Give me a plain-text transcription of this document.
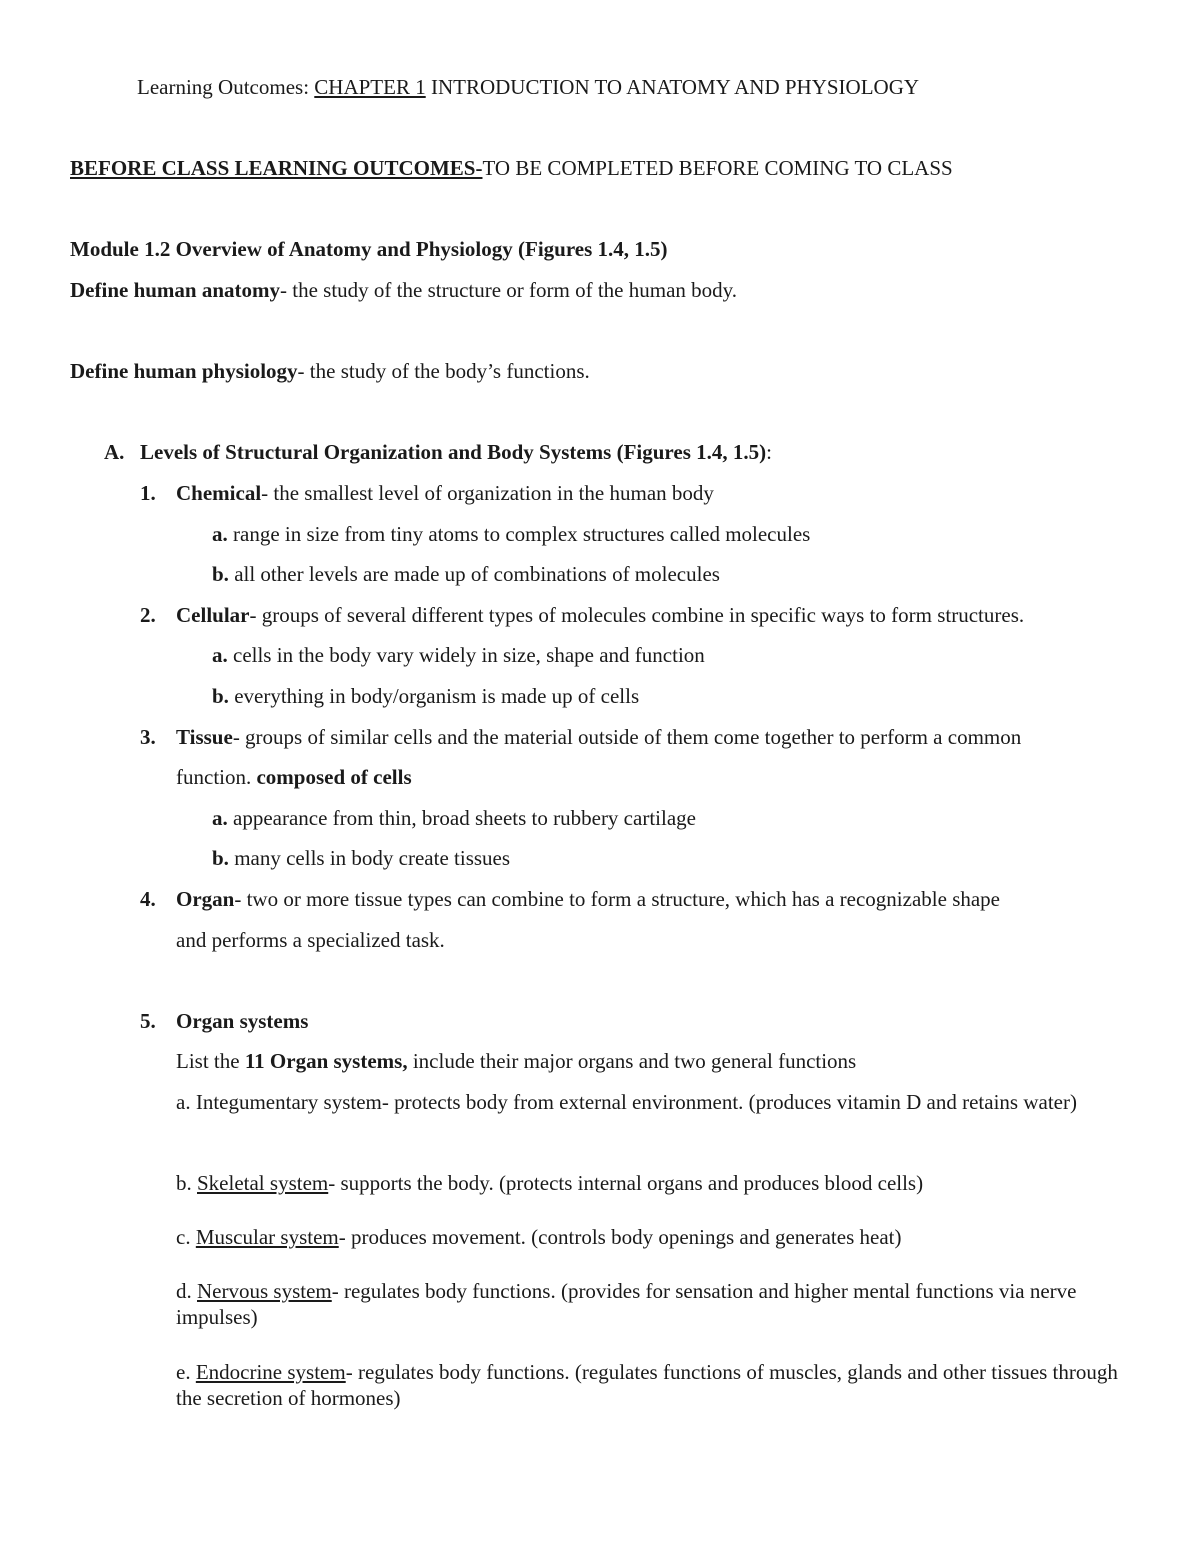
Learning Outcomes: CHAPTER 1 INTRODUCTION TO ANATOMY AND PHYSIOLOGY
BEFORE CLASS LEARNING OUTCOMES-TO BE COMPLETED BEFORE COMING TO CLASS
Module 1.2 Overview of Anatomy and Physiology (Figures 1.4, 1.5)
Define human anatomy- the study of the structure or form of the human body.
Define human physiology- the study of the body’s functions.
A. Levels of Structural Organization and Body Systems (Figures 1.4, 1.5):
1. Chemical- the smallest level of organization in the human body
a. range in size from tiny atoms to complex structures called molecules
b. all other levels are made up of combinations of molecules
2. Cellular- groups of several different types of molecules combine in specific ways to form structures.
a. cells in the body vary widely in size, shape and function
b. everything in body/organism is made up of cells
3. Tissue- groups of similar cells and the material outside of them come together to perform a common
function. composed of cells
a. appearance from thin, broad sheets to rubbery cartilage
b. many cells in body create tissues
4. Organ- two or more tissue types can combine to form a structure, which has a recognizable shape
and performs a specialized task.
5. Organ systems
List the 11 Organ systems, include their major organs and two general functions
a. Integumentary system- protects body from external environment. (produces vitamin D and retains water)
b. Skeletal system- supports the body. (protects internal organs and produces blood cells)
c. Muscular system- produces movement. (controls body openings and generates heat)
d. Nervous system- regulates body functions. (provides for sensation and higher mental functions via nerve impulses)
e. Endocrine system- regulates body functions. (regulates functions of muscles, glands and other tissues through the secretion of hormones)
